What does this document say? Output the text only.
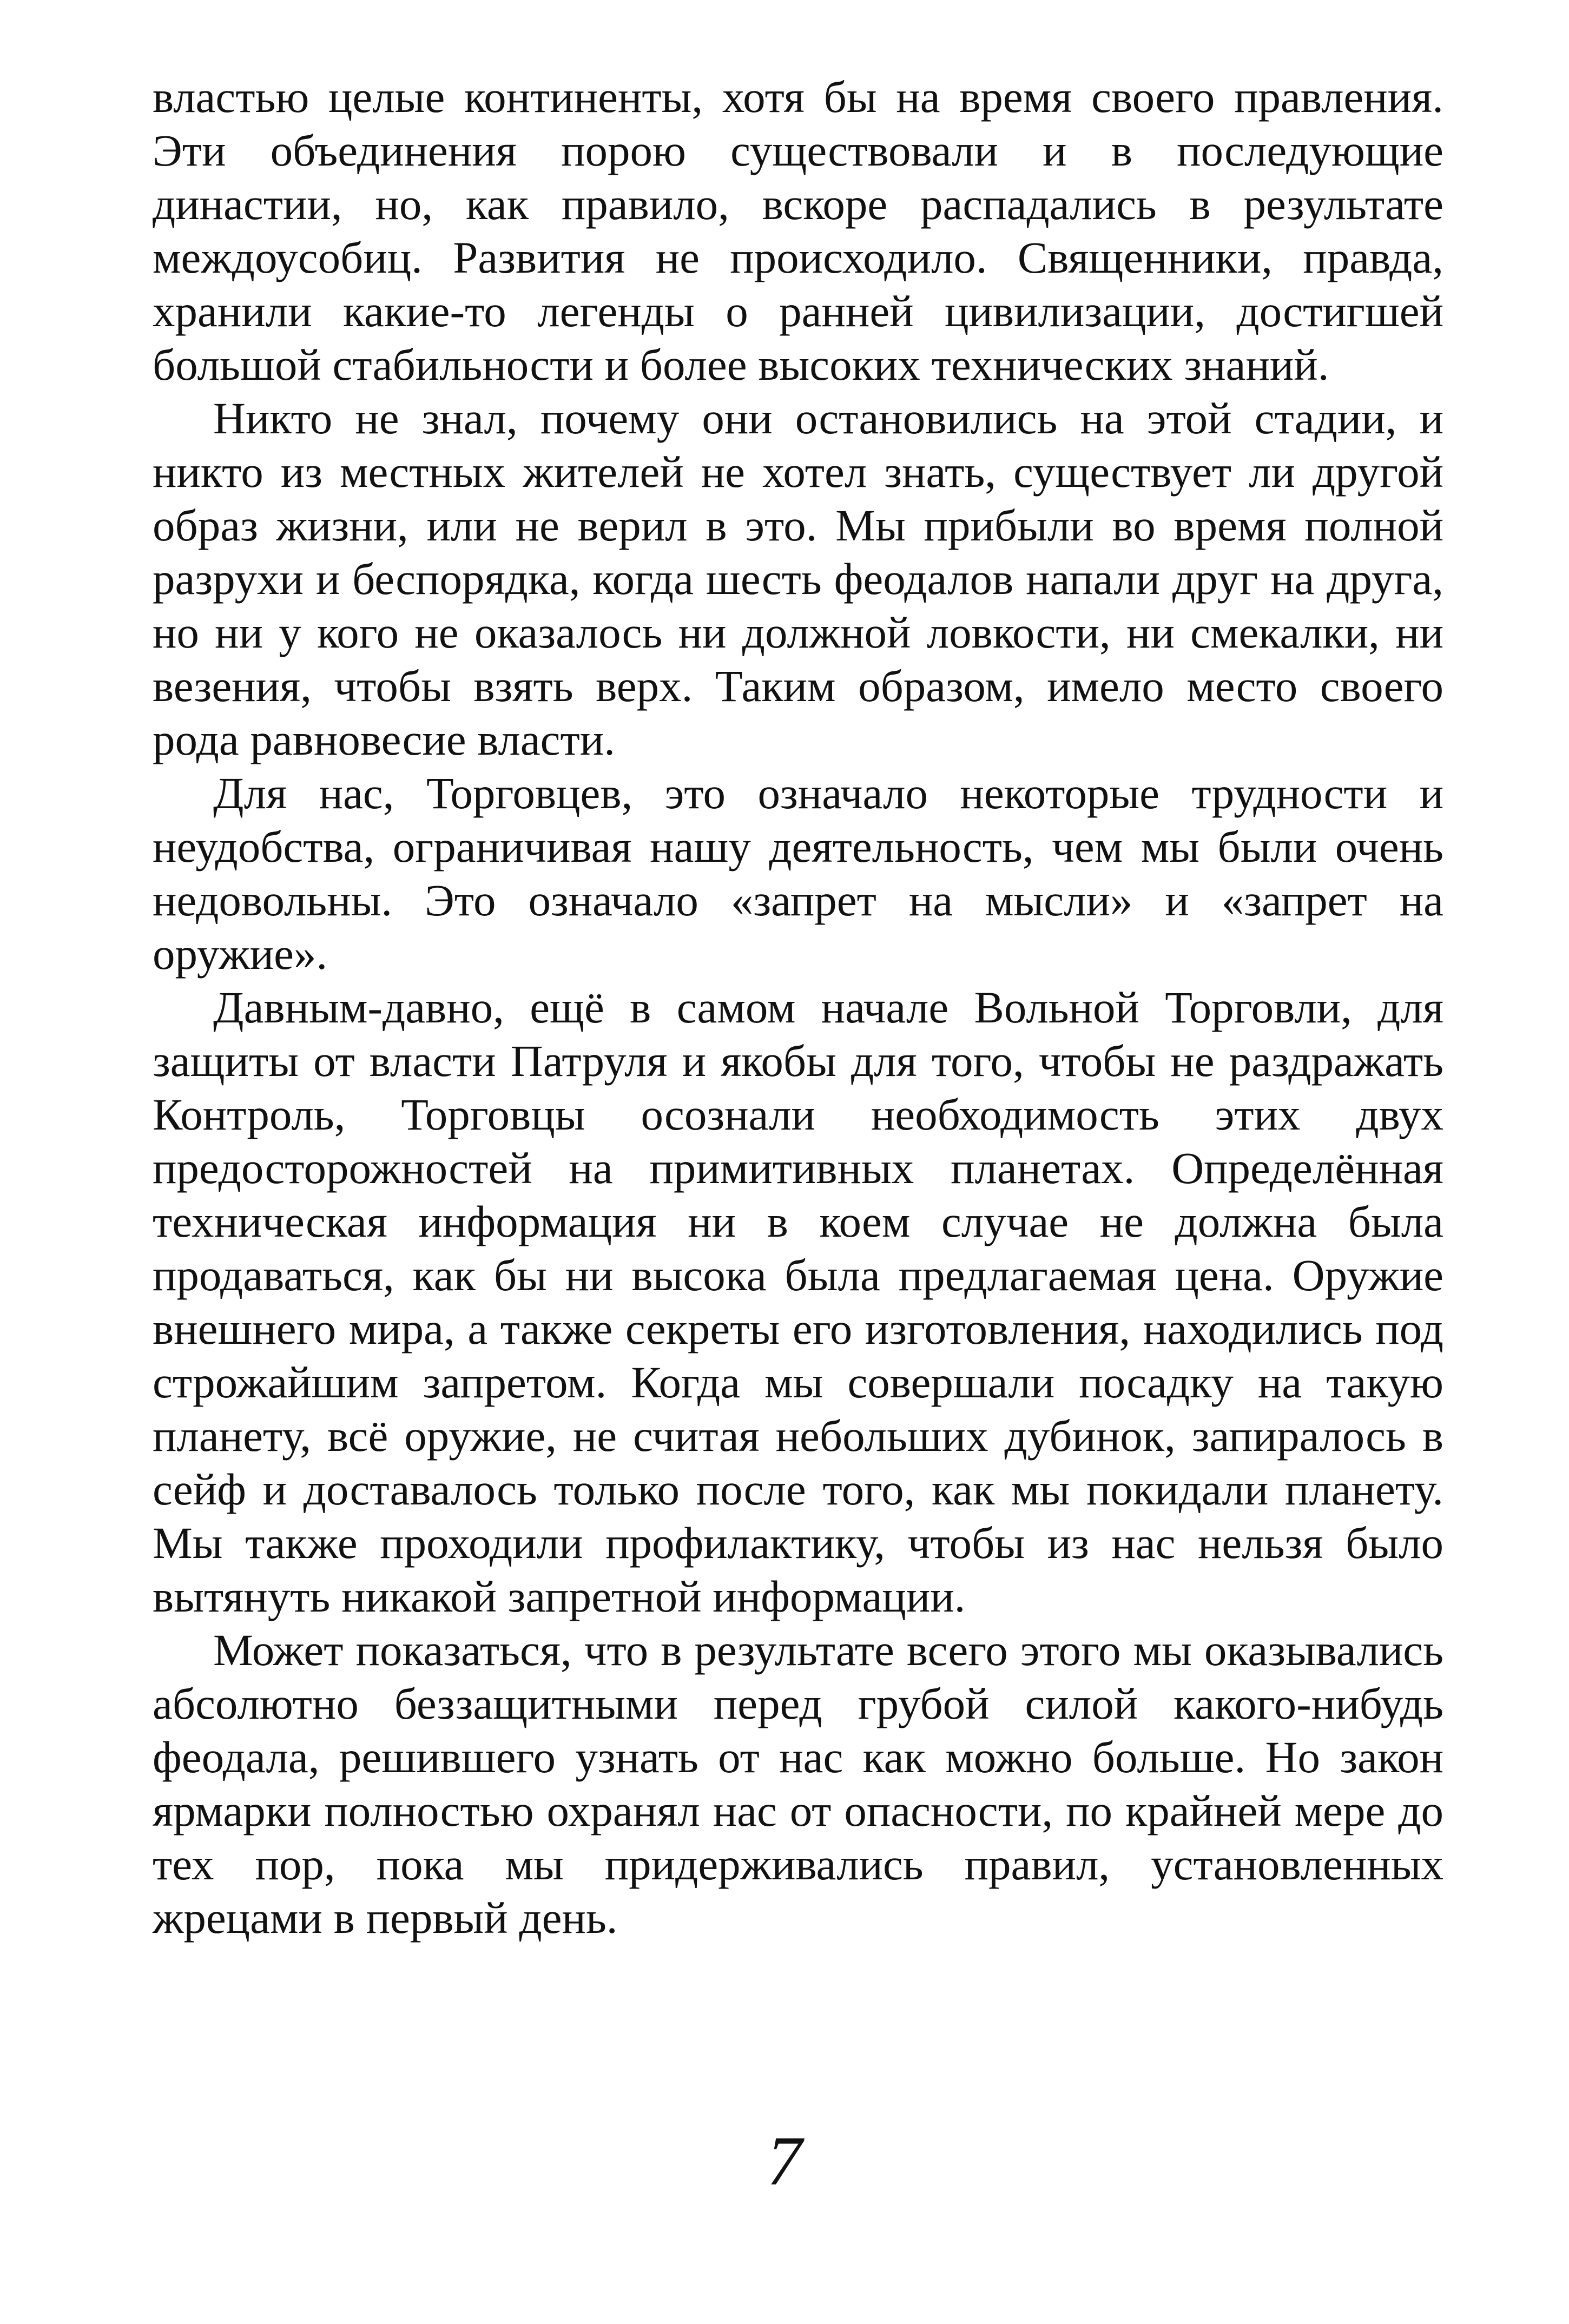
властью целые континенты, хотя бы на время своего правления. Эти объединения порою существовали и в последующие династии, но, как правило, вскоре распадались в результате междоусобиц. Развития не происходило. Священники, правда, хранили какие-то легенды о ранней цивилизации, достигшей большой стабильности и более высоких технических знаний.

Никто не знал, почему они остановились на этой стадии, и никто из местных жителей не хотел знать, существует ли другой образ жизни, или не верил в это. Мы прибыли во время полной разрухи и беспорядка, когда шесть феодалов напали друг на друга, но ни у кого не оказалось ни должной ловкости, ни смекалки, ни везения, чтобы взять верх. Таким образом, имело место своего рода равновесие власти.

Для нас, Торговцев, это означало некоторые трудности и неудобства, ограничивая нашу деятельность, чем мы были очень недовольны. Это означало «запрет на мысли» и «запрет на оружие».

Давным-давно, ещё в самом начале Вольной Торговли, для защиты от власти Патруля и якобы для того, чтобы не раздражать Контроль, Торговцы осознали необходимость этих двух предосторожностей на примитивных планетах. Определённая техническая информация ни в коем случае не должна была продаваться, как бы ни высока была предлагаемая цена. Оружие внешнего мира, а также секреты его изготовления, находились под строжайшим запретом. Когда мы совершали посадку на такую планету, всё оружие, не считая небольших дубинок, запиралось в сейф и доставалось только после того, как мы покидали планету. Мы также проходили профилактику, чтобы из нас нельзя было вытянуть никакой запретной информации.

Может показаться, что в результате всего этого мы оказывались абсолютно беззащитными перед грубой силой какого-нибудь феодала, решившего узнать от нас как можно больше. Но закон ярмарки полностью охранял нас от опасности, по крайней мере до тех пор, пока мы придерживались правил, установленных жрецами в первый день.

7
